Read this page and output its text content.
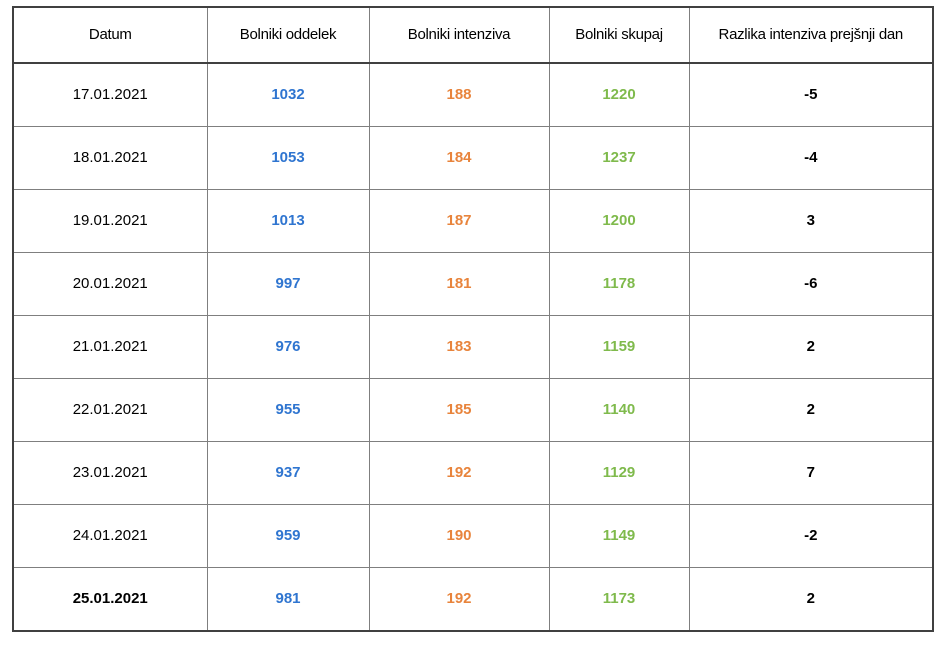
Datum	Bolniki oddelek	Bolniki intenziva	Bolniki skupaj	Razlika intenziva prejšnji dan
17.01.2021	1032	188	1220	-5
18.01.2021	1053	184	1237	-4
19.01.2021	1013	187	1200	3
20.01.2021	997	181	1178	-6
21.01.2021	976	183	1159	2
22.01.2021	955	185	1140	2
23.01.2021	937	192	1129	7
24.01.2021	959	190	1149	-2
25.01.2021	981	192	1173	2
